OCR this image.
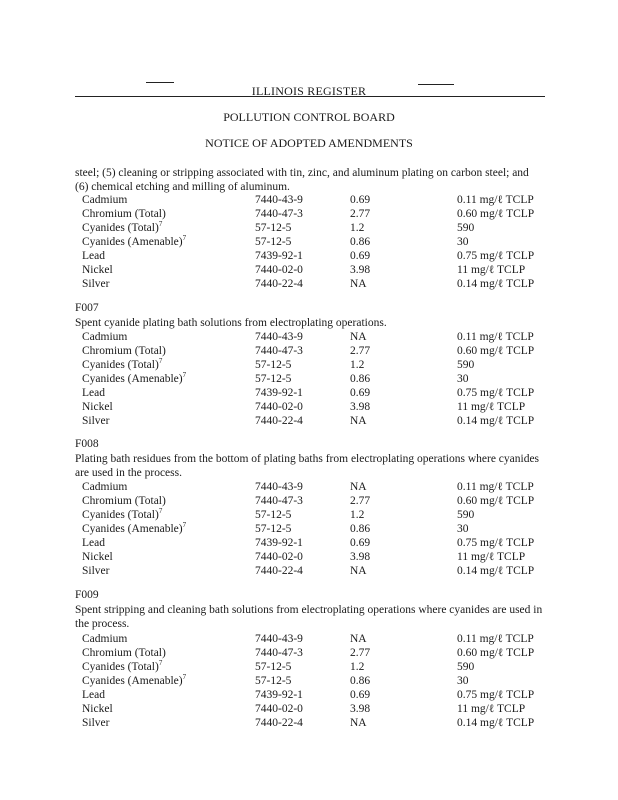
ILLINOIS REGISTER
POLLUTION CONTROL BOARD
NOTICE OF ADOPTED AMENDMENTS
steel; (5) cleaning or stripping associated with tin, zinc, and aluminum plating on carbon steel; and (6) chemical etching and milling of aluminum.
Cadmium	7440-43-9	0.69	0.11 mg/ℓ TCLP
Chromium (Total)	7440-47-3	2.77	0.60 mg/ℓ TCLP
Cyanides (Total)$^7$	57-12-5	1.2	590
Cyanides (Amenable)$^7$	57-12-5	0.86	30
Lead	7439-92-1	0.69	0.75 mg/ℓ TCLP
Nickel	7440-02-0	3.98	11 mg/ℓ TCLP
Silver	7440-22-4	NA	0.14 mg/ℓ TCLP
F007
Spent cyanide plating bath solutions from electroplating operations.
Cadmium	7440-43-9	NA	0.11 mg/ℓ TCLP
Chromium (Total)	7440-47-3	2.77	0.60 mg/ℓ TCLP
Cyanides (Total)$^7$	57-12-5	1.2	590
Cyanides (Amenable)$^7$	57-12-5	0.86	30
Lead	7439-92-1	0.69	0.75 mg/ℓ TCLP
Nickel	7440-02-0	3.98	11 mg/ℓ TCLP
Silver	7440-22-4	NA	0.14 mg/ℓ TCLP
F008
Plating bath residues from the bottom of plating baths from electroplating operations where cyanides are used in the process.
Cadmium	7440-43-9	NA	0.11 mg/ℓ TCLP
Chromium (Total)	7440-47-3	2.77	0.60 mg/ℓ TCLP
Cyanides (Total)$^7$	57-12-5	1.2	590
Cyanides (Amenable)$^7$	57-12-5	0.86	30
Lead	7439-92-1	0.69	0.75 mg/ℓ TCLP
Nickel	7440-02-0	3.98	11 mg/ℓ TCLP
Silver	7440-22-4	NA	0.14 mg/ℓ TCLP
F009
Spent stripping and cleaning bath solutions from electroplating operations where cyanides are used in the process.
Cadmium	7440-43-9	NA	0.11 mg/ℓ TCLP
Chromium (Total)	7440-47-3	2.77	0.60 mg/ℓ TCLP
Cyanides (Total)$^7$	57-12-5	1.2	590
Cyanides (Amenable)$^7$	57-12-5	0.86	30
Lead	7439-92-1	0.69	0.75 mg/ℓ TCLP
Nickel	7440-02-0	3.98	11 mg/ℓ TCLP
Silver	7440-22-4	NA	0.14 mg/ℓ TCLP
